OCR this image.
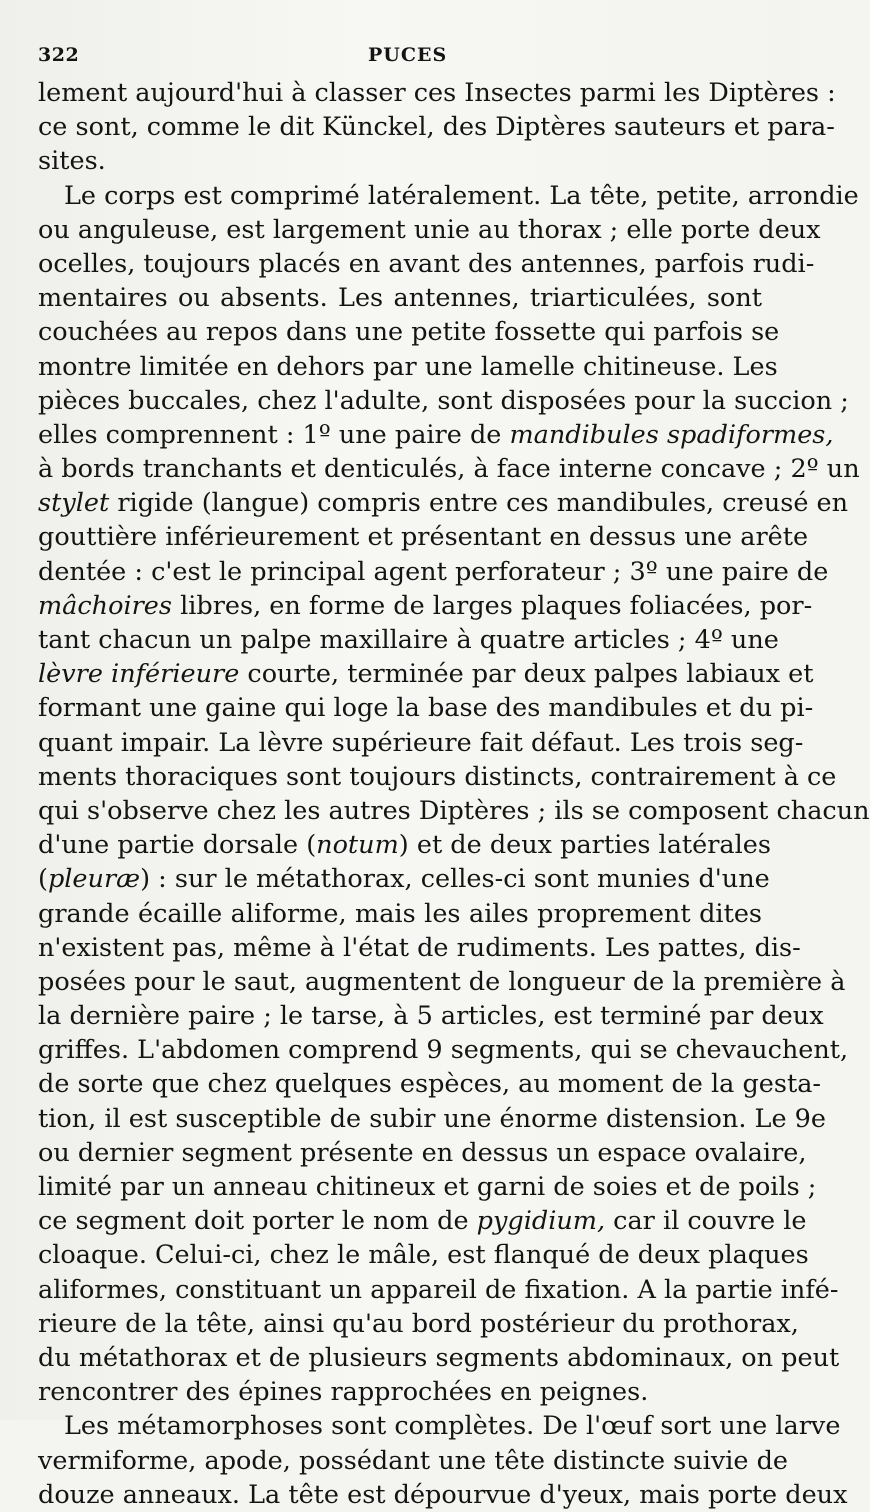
322	PUCES
lement aujourd'hui à classer ces Insectes parmi les Diptères :
ce sont, comme le dit Künckel, des Diptères sauteurs et para-
sites.
Le corps est comprimé latéralement. La tête, petite, arrondie
ou anguleuse, est largement unie au thorax ; elle porte deux
ocelles, toujours placés en avant des antennes, parfois rudi-
mentaires ou absents. Les antennes, triarticulées, sont
couchées au repos dans une petite fossette qui parfois se
montre limitée en dehors par une lamelle chitineuse. Les
pièces buccales, chez l'adulte, sont disposées pour la succion ;
elles comprennent : 1º une paire de mandibules spadiformes,
à bords tranchants et denticulés, à face interne concave ; 2º un
stylet rigide (langue) compris entre ces mandibules, creusé en
gouttière inférieurement et présentant en dessus une arête
dentée : c'est le principal agent perforateur ; 3º une paire de
mâchoires libres, en forme de larges plaques foliacées, por-
tant chacun un palpe maxillaire à quatre articles ; 4º une
lèvre inférieure courte, terminée par deux palpes labiaux et
formant une gaine qui loge la base des mandibules et du pi-
quant impair. La lèvre supérieure fait défaut. Les trois seg-
ments thoraciques sont toujours distincts, contrairement à ce
qui s'observe chez les autres Diptères ; ils se composent chacun
d'une partie dorsale (notum) et de deux parties latérales
(pleuræ) : sur le métathorax, celles-ci sont munies d'une
grande écaille aliforme, mais les ailes proprement dites
n'existent pas, même à l'état de rudiments. Les pattes, dis-
posées pour le saut, augmentent de longueur de la première à
la dernière paire ; le tarse, à 5 articles, est terminé par deux
griffes. L'abdomen comprend 9 segments, qui se chevauchent,
de sorte que chez quelques espèces, au moment de la gesta-
tion, il est susceptible de subir une énorme distension. Le 9e
ou dernier segment présente en dessus un espace ovalaire,
limité par un anneau chitineux et garni de soies et de poils ;
ce segment doit porter le nom de pygidium, car il couvre le
cloaque. Celui-ci, chez le mâle, est flanqué de deux plaques
aliformes, constituant un appareil de fixation. A la partie infé-
rieure de la tête, ainsi qu'au bord postérieur du prothorax,
du métathorax et de plusieurs segments abdominaux, on peut
rencontrer des épines rapprochées en peignes.
Les métamorphoses sont complètes. De l'œuf sort une larve
vermiforme, apode, possédant une tête distincte suivie de
douze anneaux. La tête est dépourvue d'yeux, mais porte deux
